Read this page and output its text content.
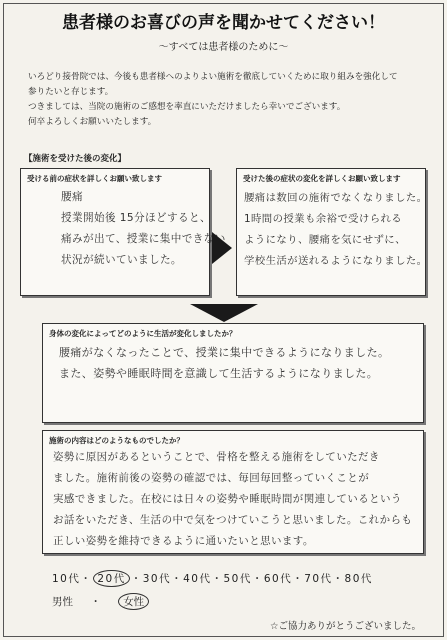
患者様のお喜びの声を聞かせてください！
～すべては患者様のために～

いろどり接骨院では、今後も患者様へのよりよい施術を徹底していくために取り組みを強化して

参りたいと存じます。

つきましては、当院の施術のご感想を率直にいただけましたら幸いでございます。

何卒よろしくお願いいたします。

【施術を受けた後の変化】
受ける前の症状を詳しくお願い致します
腰痛
授業開始後 15分ほどすると、
痛みが出て、授業に集中できない
状況が続いていました。
受けた後の症状の変化を詳しくお願い致します
腰痛は数回の施術でなくなりました。
1時間の授業も余裕で受けられる
ようになり、腰痛を気にせずに、
学校生活が送れるようになりました。
身体の変化によってどのように生活が変化しましたか？
腰痛がなくなったことで、授業に集中できるようになりました。
また、姿勢や睡眠時間を意識して生活するようになりました。
施術の内容はどのようなものでしたか？
姿勢に原因があるということで、骨格を整える施術をしていただき
ました。施術前後の姿勢の確認では、毎回毎回整っていくことが
実感できました。在校には日々の姿勢や睡眠時間が関連しているという
お話をいただき、生活の中で気をつけていこうと思いました。これからも
正しい姿勢を維持できるように通いたいと思います。
10代・ 20代 ・30代・40代・50代・60代・70代・80代
男性 ・ 女性
☆ご協力ありがとうございました。
